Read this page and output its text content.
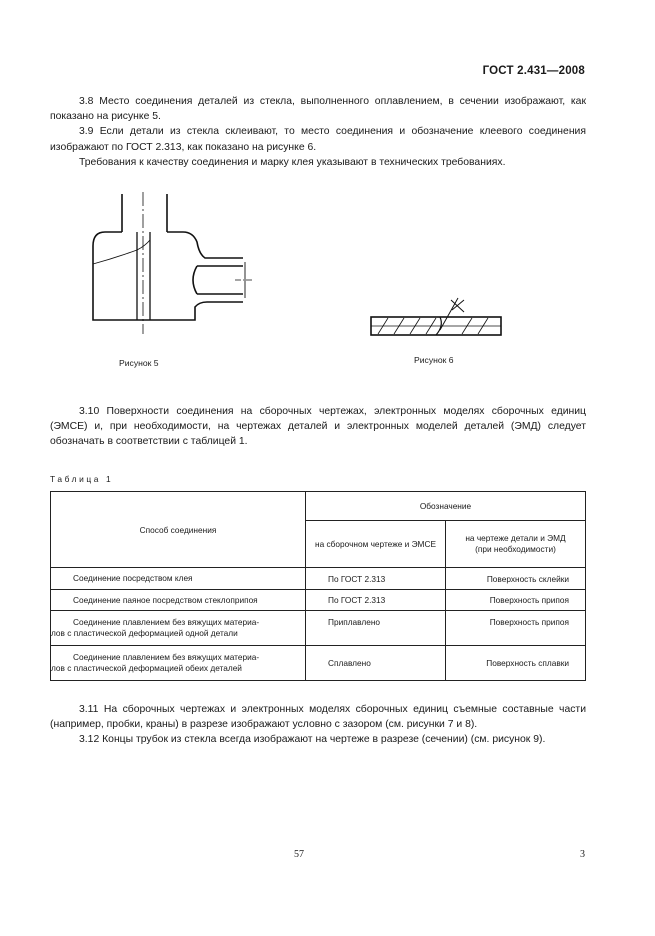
ГОСТ 2.431—2008

3.8 Место соединения деталей из стекла, выполненного оплавлением, в сечении изображают, как показано на рисунке 5.

3.9 Если детали из стекла склеивают, то место соединения и обозначение клеевого соединения изображают по ГОСТ 2.313, как показано на рисунке 6.

Требования к качеству соединения и марку клея указывают в технических требованиях.

Рисунок 5	Рисунок 6

3.10 Поверхности соединения на сборочных чертежах, электронных моделях сборочных единиц (ЭМСЕ) и, при необходимости, на чертежах деталей и электронных моделей деталей (ЭМД) следует обозначать в соответствии с таблицей 1.

Таблица 1
Способ соединения	Обозначение	
	на сборочном чертеже и ЭМСЕ	на чертеже детали и ЭМД
(при необходимости)
Соединение посредством клея	По ГОСТ 2.313	Поверхность склейки
Соединение паяное посредством стеклоприпоя	По ГОСТ 2.313	Поверхность припоя
Соединение плавлением без вяжущих материа-
лов с пластической деформацией одной детали	Приплавлено	Поверхность припоя
Соединение плавлением без вяжущих материа-
лов с пластической деформацией обеих деталей	Сплавлено	Поверхность сплавки

3.11 На сборочных чертежах и электронных моделях сборочных единиц съемные составные части (например, пробки, краны) в разрезе изображают условно с зазором (см. рисунки 7 и 8).

3.12 Концы трубок из стекла всегда изображают на чертеже в разрезе (сечении) (см. рисунок 9).

57	3
